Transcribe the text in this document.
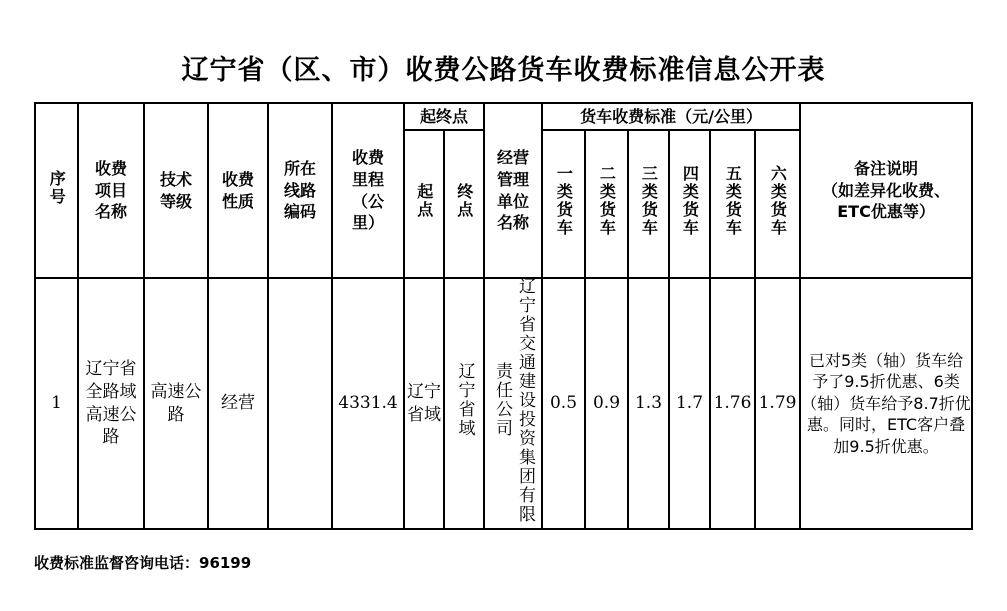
辽宁省（区、市）收费公路货车收费标准信息公开表
序号	收费项目名称	技术等级	收费性质	所在线路编码	收费里程（公里）	起终点		经营管理单位名称	货车收费标准（元/公里）						备注说明
（如差异化收费、
ETC优惠等）

						起点	终点		一类货车	二类货车	三类货车	四类货车	五类货车	六类货车	
1	辽宁省全路域高速公路	高速公路	经营		4331.4	辽宁省域	辽宁省域	辽宁省交通建设投资集团有限责任公司	0.5	0.9	1.3	1.7	1.76	1.79	已对5类（轴）货车给予了9.5折优惠、6类（轴）货车给予8.7折优惠。同时，ETC客户叠加9.5折优惠。
收费标准监督咨询电话：96199
